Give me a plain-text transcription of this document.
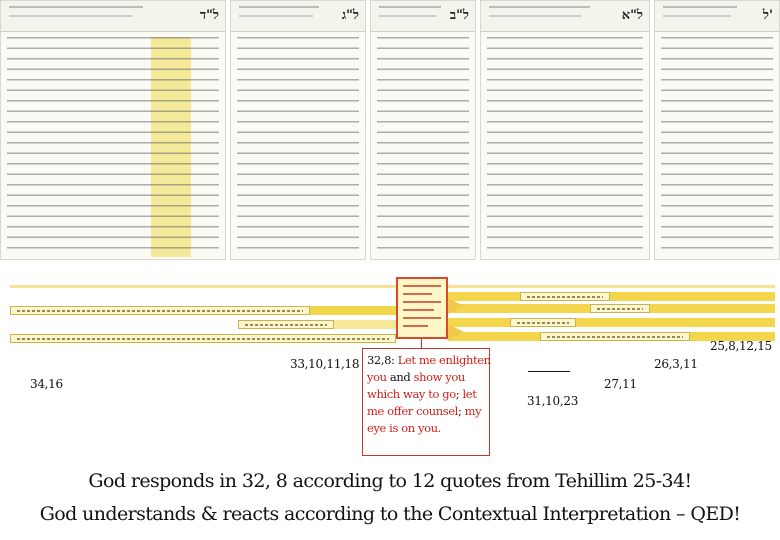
ל"ד	ל"ג	ל"ב	ל"א	ל'
34,16
33,10,11,18
31,10,23
27,11
26,3,11
25,8,12,15
32,8: Let me enlighten you and show you which way to go; let me offer counsel; my eye is on you.
God responds in 32, 8 according to 12 quotes from Tehillim 25-34!
God understands & reacts according to the Contextual Interpretation – QED!
